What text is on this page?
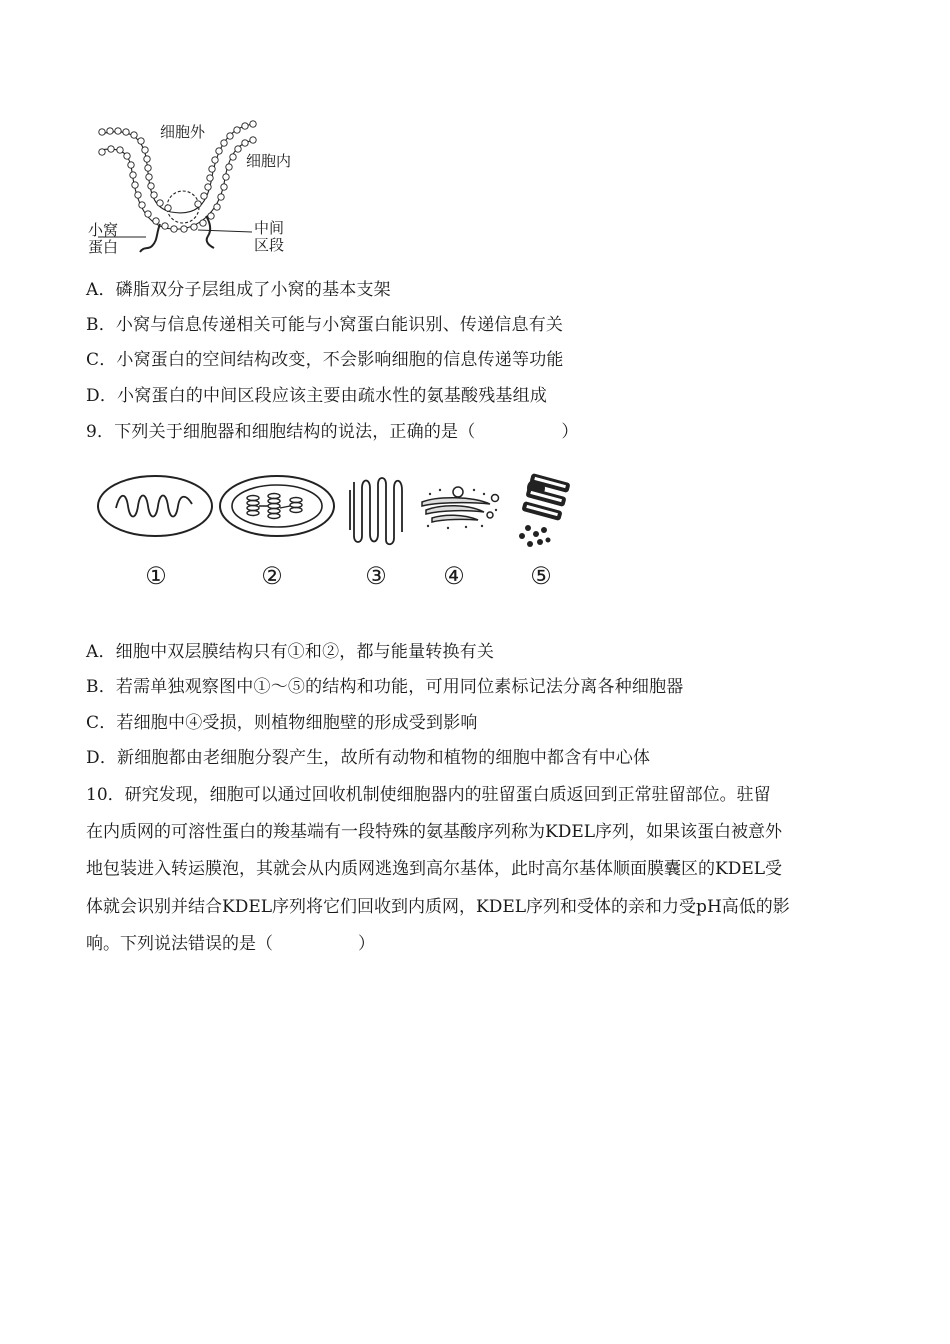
细胞外
细胞内
小窝
蛋白
中间
区段
A．磷脂双分子层组成了小窝的基本支架
B．小窝与信息传递相关可能与小窝蛋白能识别、传递信息有关
C．小窝蛋白的空间结构改变，不会影响细胞的信息传递等功能
D．小窝蛋白的中间区段应该主要由疏水性的氨基酸残基组成
9．下列关于细胞器和细胞结构的说法，正确的是（　　　　　）
①	②	③ ④	⑤
A．细胞中双层膜结构只有①和②，都与能量转换有关
B．若需单独观察图中①～⑤的结构和功能，可用同位素标记法分离各种细胞器
C．若细胞中④受损，则植物细胞壁的形成受到影响
D．新细胞都由老细胞分裂产生，故所有动物和植物的细胞中都含有中心体
10．研究发现，细胞可以通过回收机制使细胞器内的驻留蛋白质返回到正常驻留部位。驻留
在内质网的可溶性蛋白的羧基端有一段特殊的氨基酸序列称为KDEL序列，如果该蛋白被意外
地包装进入转运膜泡，其就会从内质网逃逸到高尔基体，此时高尔基体顺面膜囊区的KDEL受
体就会识别并结合KDEL序列将它们回收到内质网，KDEL序列和受体的亲和力受pH高低的影
响。下列说法错误的是（　　　　　）
